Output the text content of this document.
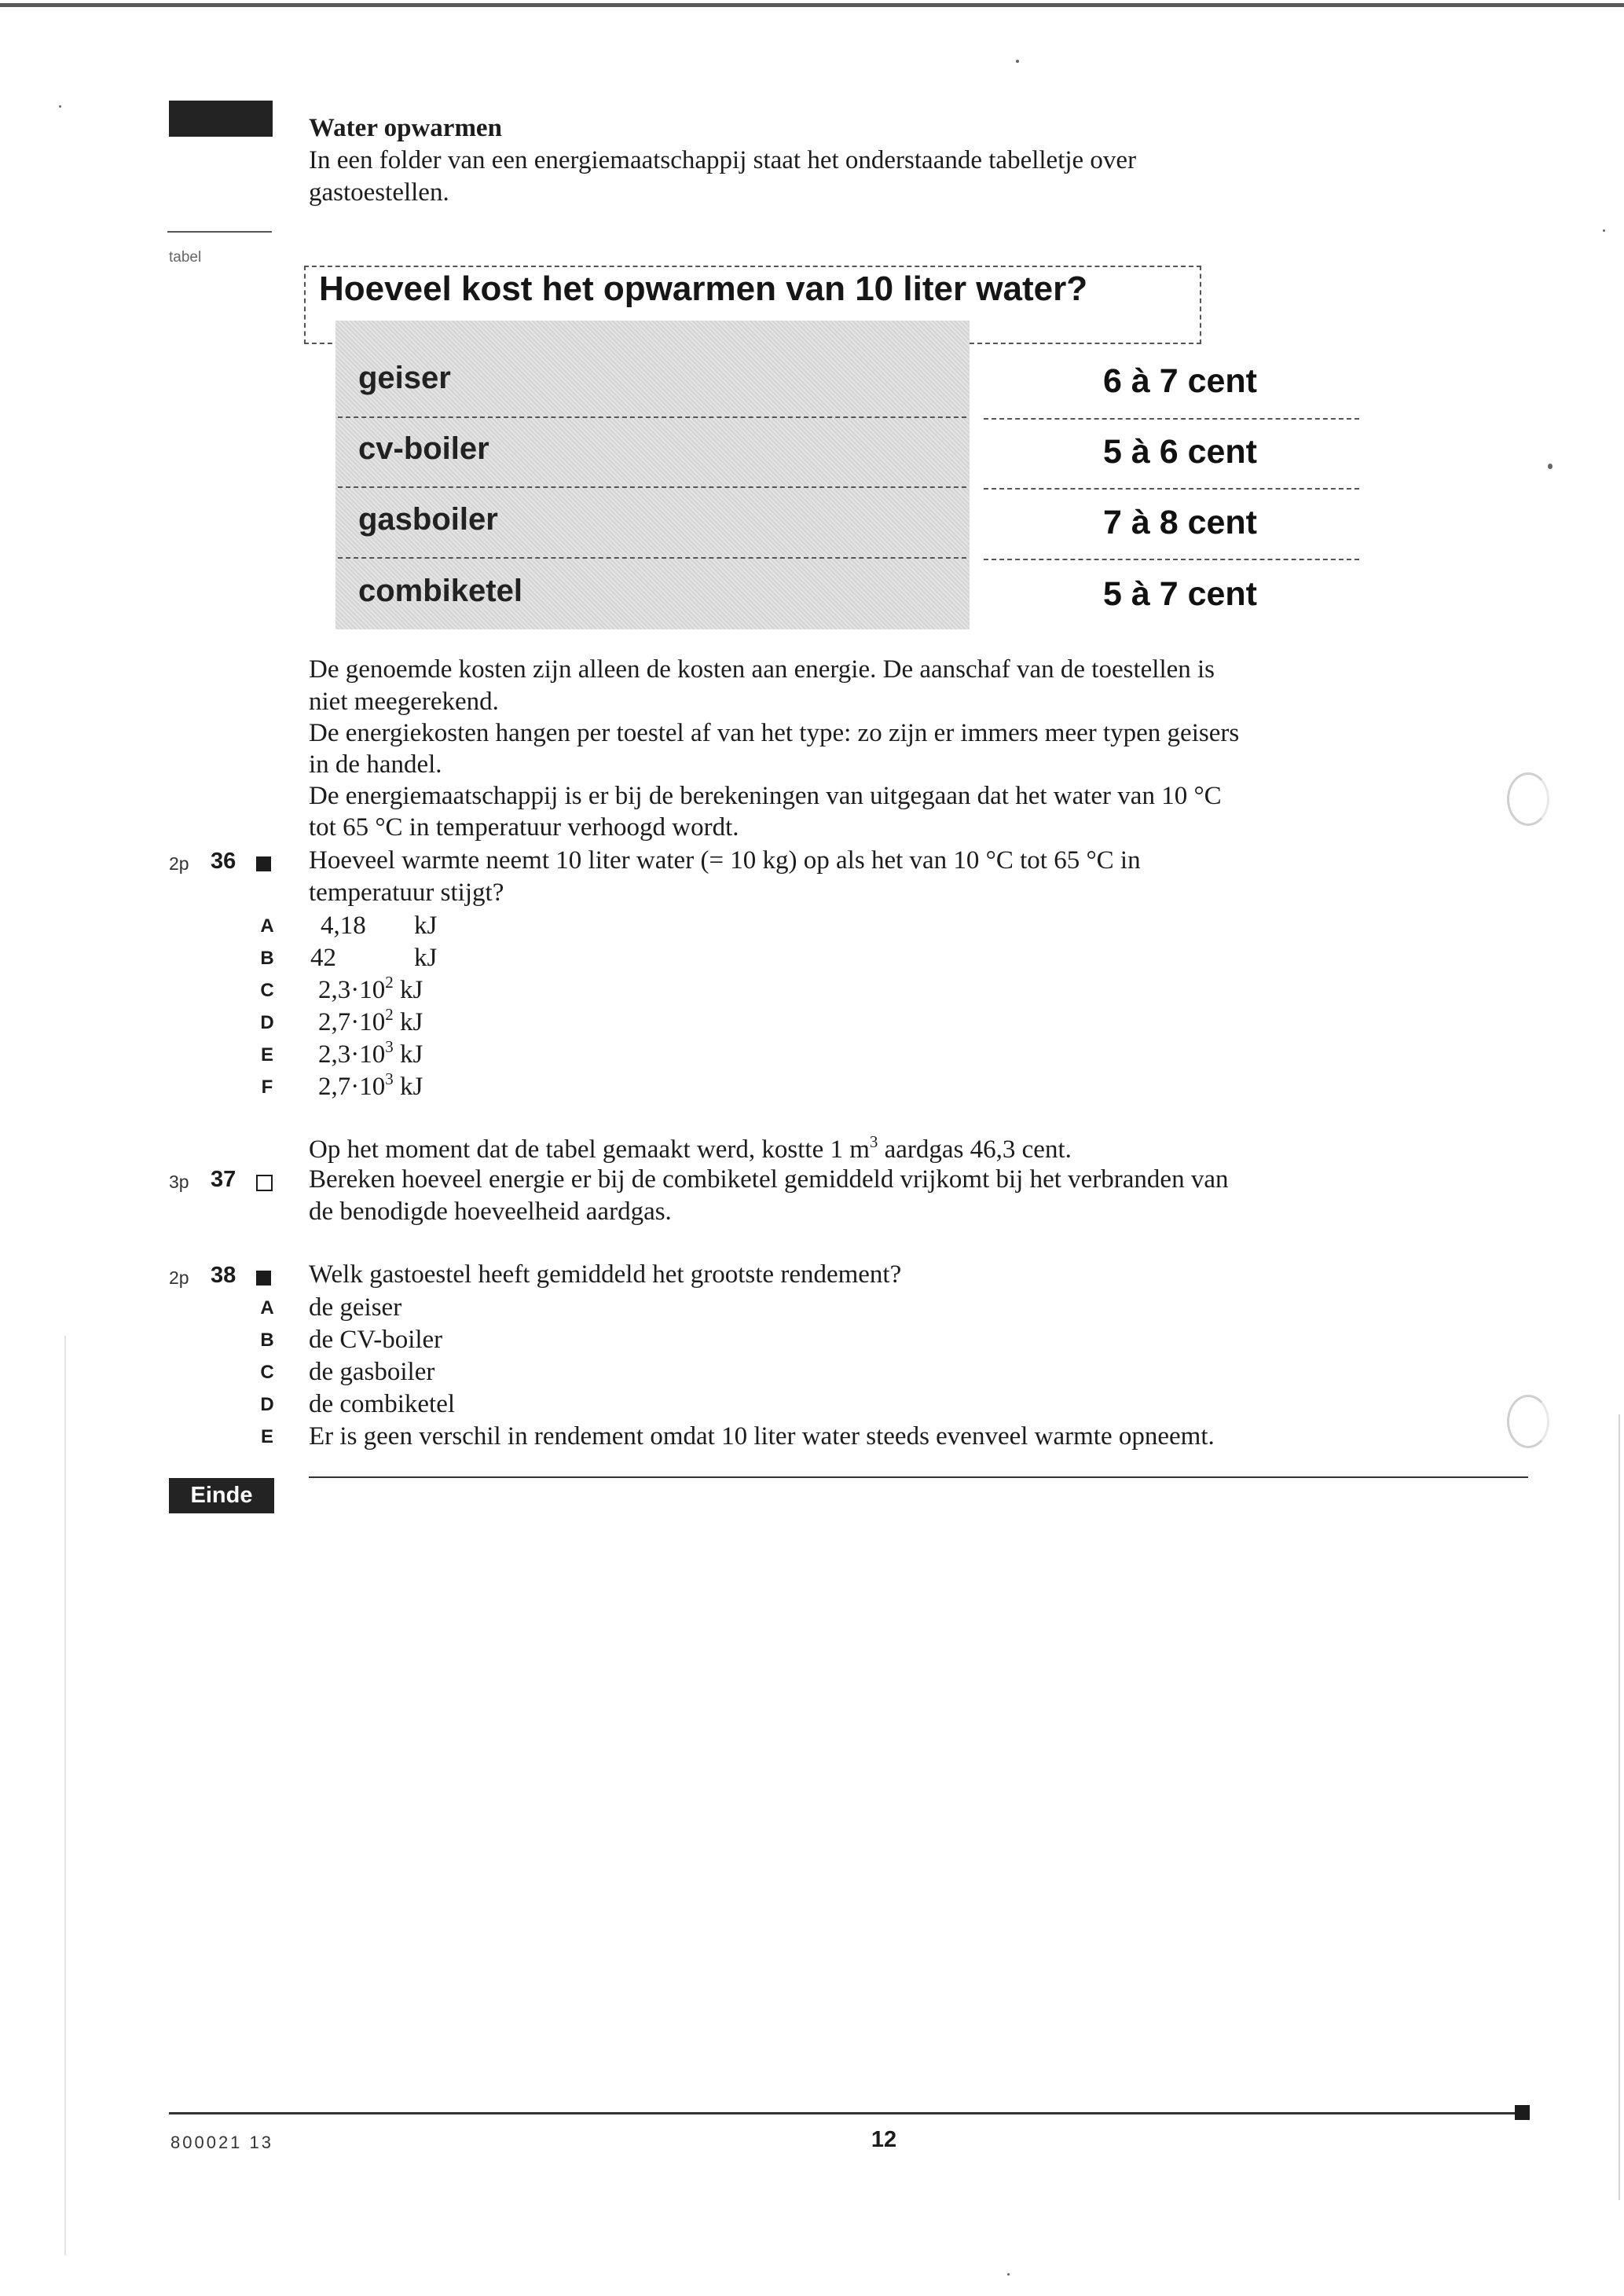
Water opwarmen
In een folder van een energiemaatschappij staat het onderstaande tabelletje over
gastoestellen.
tabel
Hoeveel kost het opwarmen van 10 liter water?
geiser	6 à 7 cent
cv-boiler	5 à 6 cent
gasboiler	7 à 8 cent
combiketel	5 à 7 cent
De genoemde kosten zijn alleen de kosten aan energie. De aanschaf van de toestellen is
niet meegerekend.
De energiekosten hangen per toestel af van het type: zo zijn er immers meer typen geisers
in de handel.
De energiemaatschappij is er bij de berekeningen van uitgegaan dat het water van 10 °C
tot 65 °C in temperatuur verhoogd wordt.
2p 36	Hoeveel warmte neemt 10 liter water (= 10 kg) op als het van 10 °C tot 65 °C in
temperatuur stijgt?
A 4,18 kJ
B 42	kJ
C $2,3\cdot 10^2$ kJ
D $2,7\cdot 10^2$ kJ
E $2,3\cdot 10^3$ kJ
F $2,7\cdot 10^3$ kJ
Op het moment dat de tabel gemaakt werd, kostte 1 $m^3$ aardgas 46,3 cent.
3p 37	Bereken hoeveel energie er bij de combiketel gemiddeld vrijkomt bij het verbranden van
de benodigde hoeveelheid aardgas.
2p 38	Welk gastoestel heeft gemiddeld het grootste rendement?
A de geiser
B de CV-boiler
C de gasboiler
D de combiketel
E Er is geen verschil in rendement omdat 10 liter water steeds evenveel warmte opneemt.
Einde
800021 13	12
